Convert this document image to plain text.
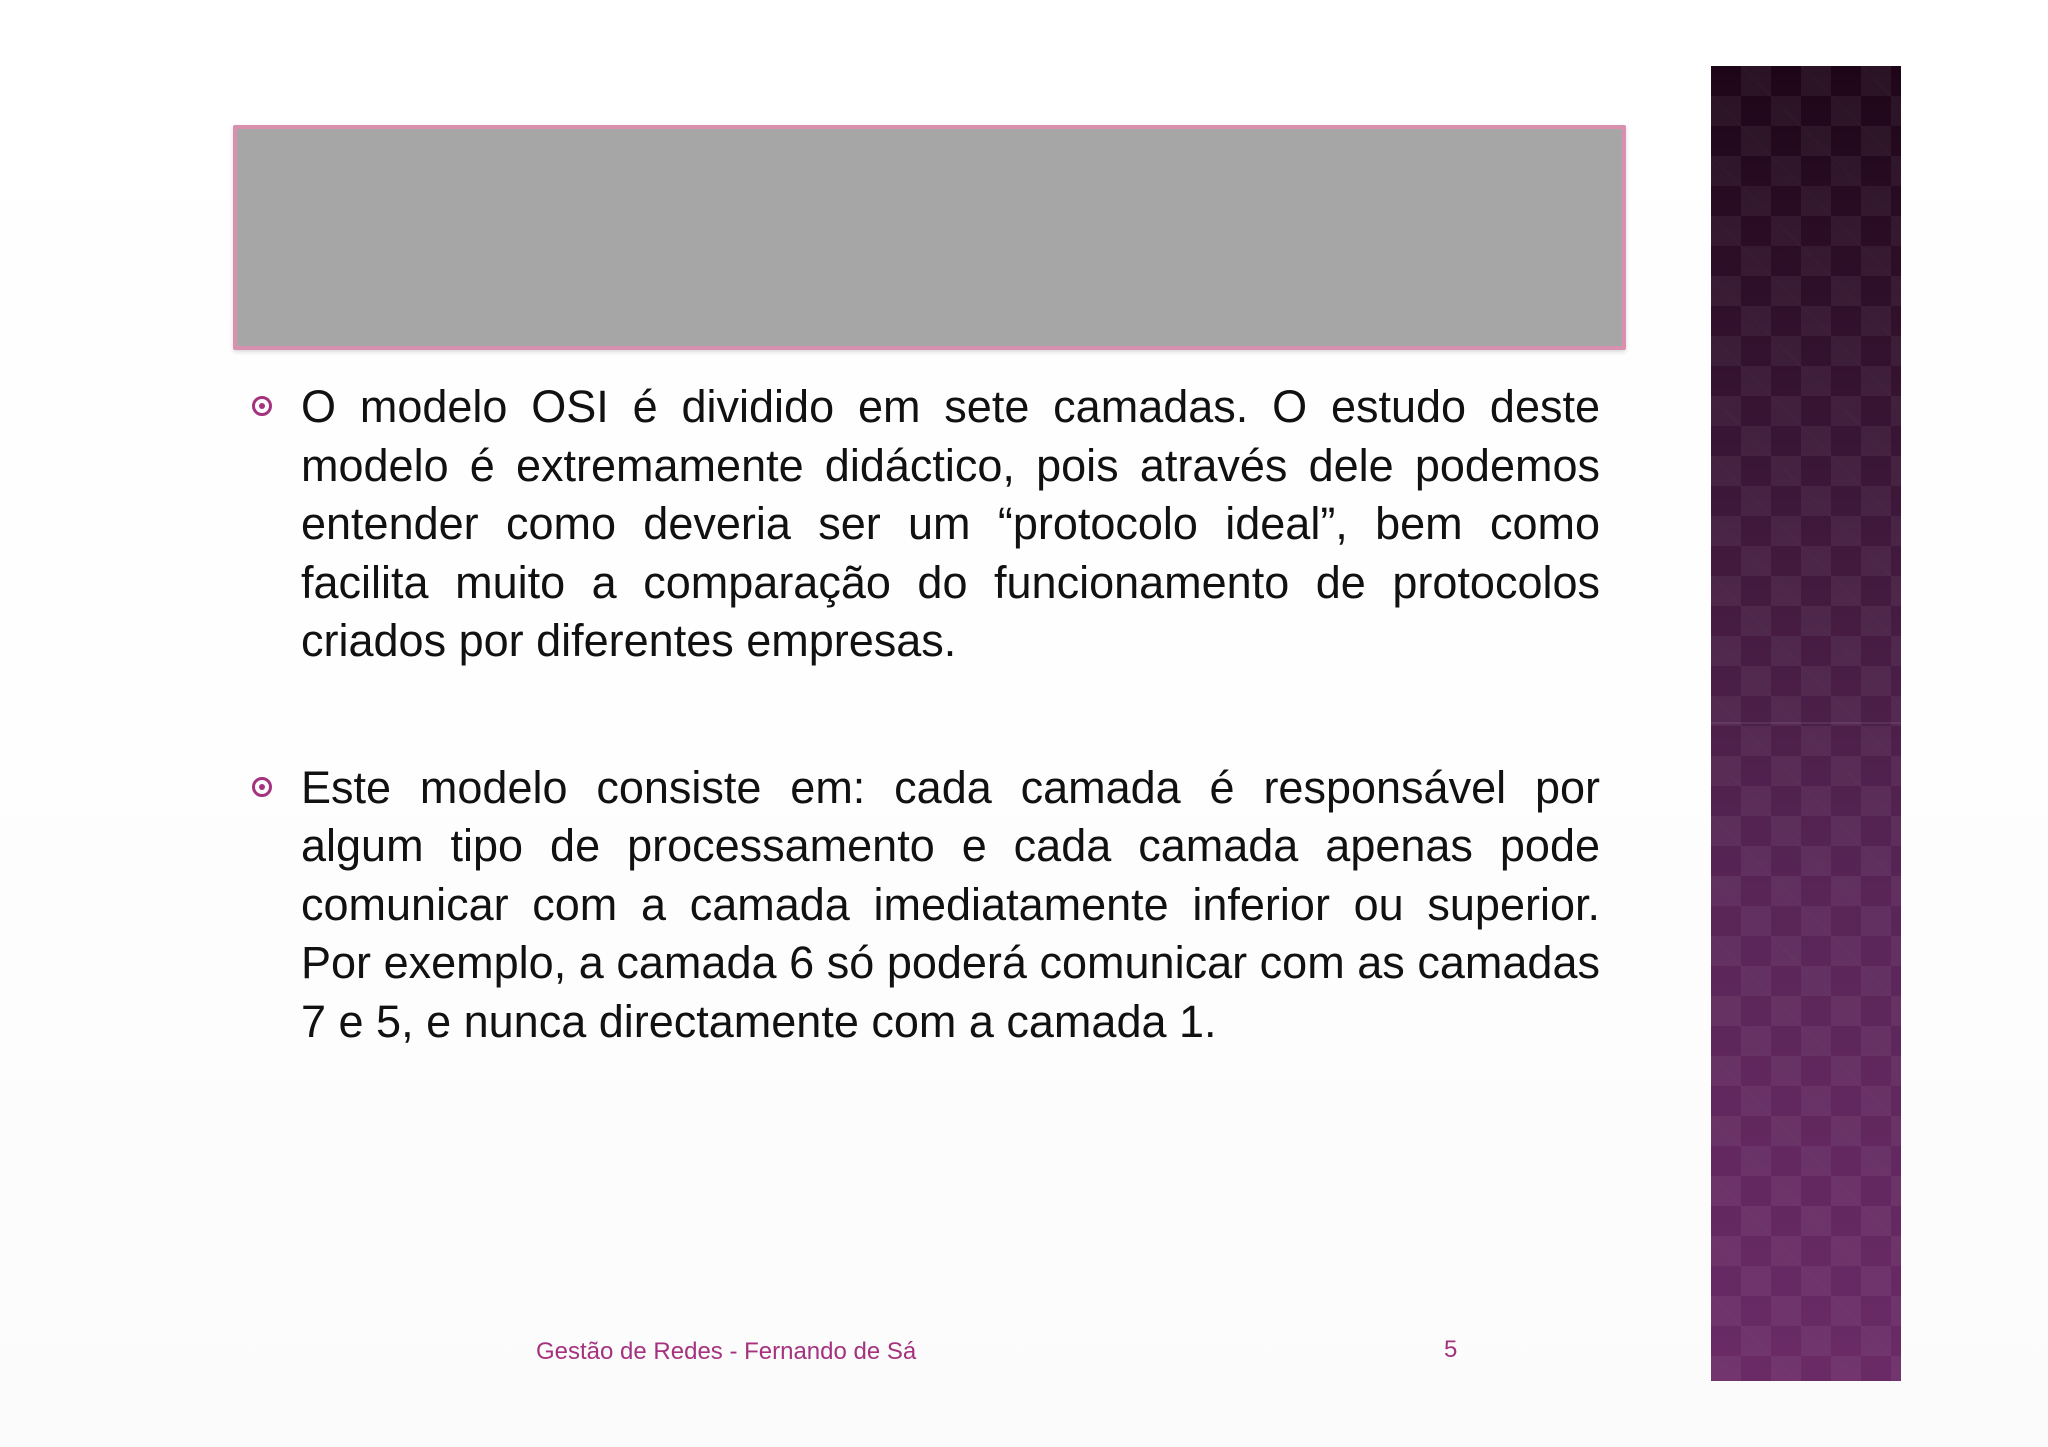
O modelo OSI é dividido em sete camadas. O estudo deste modelo é extremamente didáctico, pois através dele podemos entender como deveria ser um “protocolo ideal”, bem como facilita muito a comparação do funcionamento de protocolos criados por diferentes empresas.

Este modelo consiste em: cada camada é responsável por algum tipo de processamento e cada camada apenas pode comunicar com a camada imediatamente inferior ou superior. Por exemplo, a camada 6 só poderá comunicar com as camadas 7 e 5, e nunca directamente com a camada 1.

Gestão de Redes - Fernando de Sá	5
